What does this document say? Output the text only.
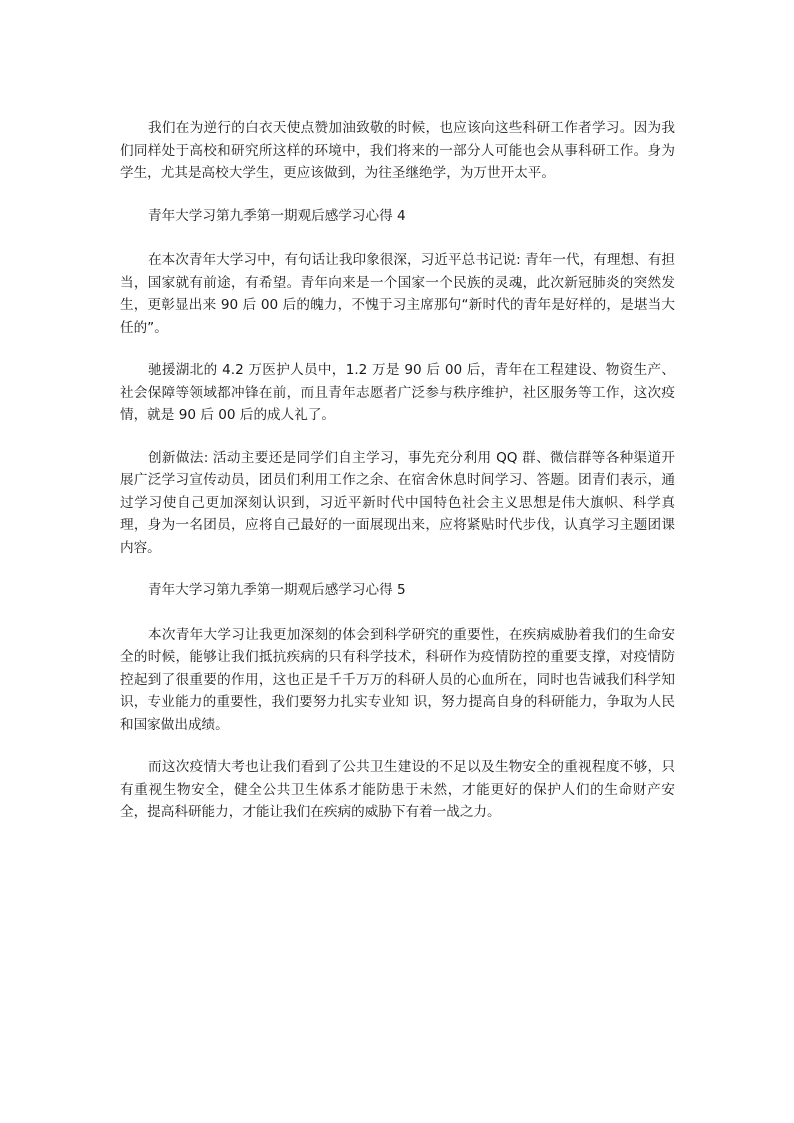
我们在为逆行的白衣天使点赞加油致敬的时候，也应该向这些科研工作者学习。因为我们同样处于高校和研究所这样的环境中，我们将来的一部分人可能也会从事科研工作。身为学生，尤其是高校大学生，更应该做到，为往圣继绝学，为万世开太平。

青年大学习第九季第一期观后感学习心得 4

在本次青年大学习中，有句话让我印象很深，习近平总书记说: 青年一代，有理想、有担当，国家就有前途，有希望。青年向来是一个国家一个民族的灵魂，此次新冠肺炎的突然发生，更彰显出来 90 后 00 后的魄力，不愧于习主席那句“新时代的青年是好样的，是堪当大任的”。

驰援湖北的 4.2 万医护人员中，1.2 万是 90 后 00 后，青年在工程建设、物资生产、社会保障等领域都冲锋在前，而且青年志愿者广泛参与秩序维护，社区服务等工作，这次疫情，就是 90 后 00 后的成人礼了。

创新做法: 活动主要还是同学们自主学习，事先充分利用 QQ 群、微信群等各种渠道开展广泛学习宣传动员，团员们利用工作之余、在宿舍休息时间学习、答题。团青们表示，通过学习使自己更加深刻认识到，习近平新时代中国特色社会主义思想是伟大旗帜、科学真理，身为一名团员，应将自己最好的一面展现出来，应将紧贴时代步伐，认真学习主题团课内容。

青年大学习第九季第一期观后感学习心得 5

本次青年大学习让我更加深刻的体会到科学研究的重要性，在疾病威胁着我们的生命安全的时候，能够让我们抵抗疾病的只有科学技术，科研作为疫情防控的重要支撑，对疫情防控起到了很重要的作用，这也正是千千万万的科研人员的心血所在，同时也告诫我们科学知识，专业能力的重要性，我们要努力扎实专业知 识，努力提高自身的科研能力，争取为人民和国家做出成绩。

而这次疫情大考也让我们看到了公共卫生建设的不足以及生物安全的重视程度不够，只有重视生物安全，健全公共卫生体系才能防患于未然，才能更好的保护人们的生命财产安全，提高科研能力，才能让我们在疾病的威胁下有着一战之力。
